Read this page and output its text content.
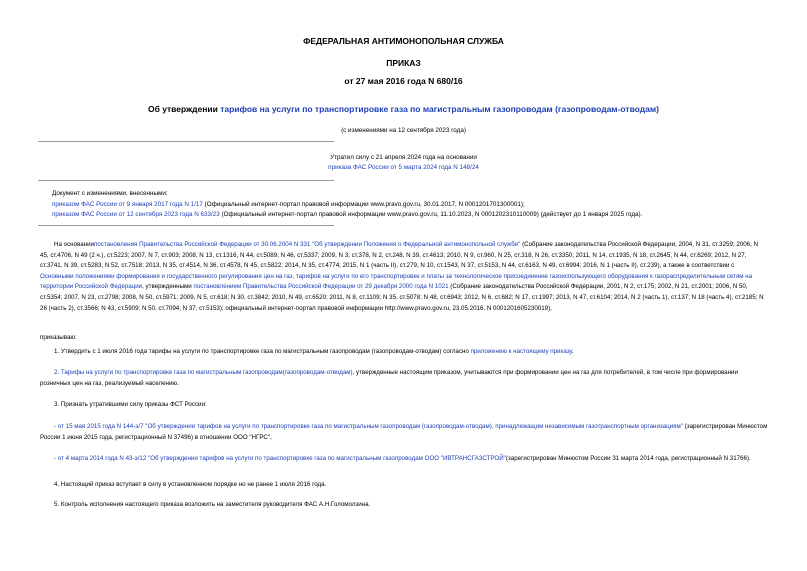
ФЕДЕРАЛЬНАЯ АНТИМОНОПОЛЬНАЯ СЛУЖБА
ПРИКАЗ
от 27 мая 2016 года N 680/16
Об утверждении тарифов на услуги по транспортировке газа по магистральным газопроводам (газопроводам-отводам)
(с изменениями на 12 сентября 2023 года)
Утратил силу с 21 апреля 2024 года на основании
приказа ФАС России от 5 марта 2024 года N 148/24
Документ с изменениями, внесенными:
приказом ФАС России от 9 января 2017 года N 1/17 (Официальный интернет-портал правовой информации www.pravo.gov.ru, 30.01.2017, N 0001201701300001);
приказом ФАС России от 12 сентября 2023 года N 633/23 (Официальный интернет-портал правовой информации www.pravo.gov.ru, 11.10.2023, N 0001202310110009) (действует до 1 января 2025 года).
На основаниипостановления Правительства Российской Федерации от 30.06.2004 N 331 "Об утверждении Положения о Федеральной антимонопольной службе" (Собрание законодательства Российской Федерации, 2004, N 31, ст.3259; 2006, N 45, ст.4706, N 49 (2 ч.), ст.5223; 2007, N 7, ст.903; 2008, N 13, ст.1316, N 44, ст.5089, N 46, ст.5337; 2009, N 3, ст.378, N 2, ст.248, N 39, ст.4613; 2010, N 9, ст.960, N 25, ст.318, N 26, ст.3350; 2011, N 14, ст.1935, N 18, ст.2645, N 44, ст.6269; 2012, N 27, ст.3741, N 39, ст.5283, N 52, ст.7518; 2013, N 35, ст.4514, N 36, ст.4578, N 45, ст.5822; 2014, N 35, ст.4774; 2015, N 1 (часть II), ст.279, N 10, ст.1543, N 37, ст.5153, N 44, ст.6163, N 49, ст.6994; 2016, N 1 (часть II), ст.239), а также в соответствии с Основными положениями формирования и государственного регулирования цен на газ, тарифов на услуги по его транспортировке и платы за технологическое присоединение газоиспользующего оборудования к газораспределительным сетям на территории Российской Федерации, утвержденными постановлением Правительства Российской Федерации от 29 декабря 2000 года N 1021 (Собрание законодательства Российской Федерации, 2001, N 2, ст.175; 2002, N 21, ст.2001; 2006, N 50, ст.5354; 2007, N 23, ст.2798; 2008, N 50, ст.5971; 2009, N 5, ст.618; N 30, ст.3842; 2010, N 49, ст.6520; 2011, N 8, ст.1109; N 35, ст.5078; N 48, ст.6943; 2012, N 6, ст.682; N 17, ст.1997; 2013, N 47, ст.6104; 2014, N 2 (часть 1), ст.137; N 18 (часть 4), ст.2185; N 26 (часть 2), ст.3566; N 43, ст.5909; N 50, ст.7094; N 37, ст.5153); официальный интернет-портал правовой информации http://www.pravo.gov.ru, 23.05.2016, N 0001201605230019),
приказываю:
1. Утвердить с 1 июля 2016 года тарифы на услуги по транспортировке газа по магистральным газопроводам (газопроводам-отводам) согласно приложению к настоящему приказу.
2. Тарифы на услуги по транспортировке газа по магистральным газопроводам(газопроводам-отводам), утвержденные настоящим приказом, учитываются при формировании цен на газ для потребителей, в том числе при формировании розничных цен на газ, реализуемый населению.
3. Признать утратившими силу приказы ФСТ России:
- от 15 мая 2015 года N 144-э/7 "Об утверждении тарифов на услуги по транспортировке газа по магистральным газопроводам (газопроводам-отводам), принадлежащим независимым газотранспортным организациям" (зарегистрирован Минюстом России 1 июня 2015 года, регистрационный N 37496) в отношении ООО "НГРС",
- от 4 марта 2014 года N 43-э/12 "Об утверждении тарифов на услуги по транспортировке газа по магистральным газопроводам ООО "ИВТРАНСГАЗСТРОЙ"(зарегистрирован Минюстом России 31 марта 2014 года, регистрационный N 31766).
4. Настоящий приказ вступает в силу в установленном порядке но не ранее 1 июля 2016 года.
5. Контроль исполнения настоящего приказа возложить на заместителя руководителя ФАС А.Н.Голомолзина.
